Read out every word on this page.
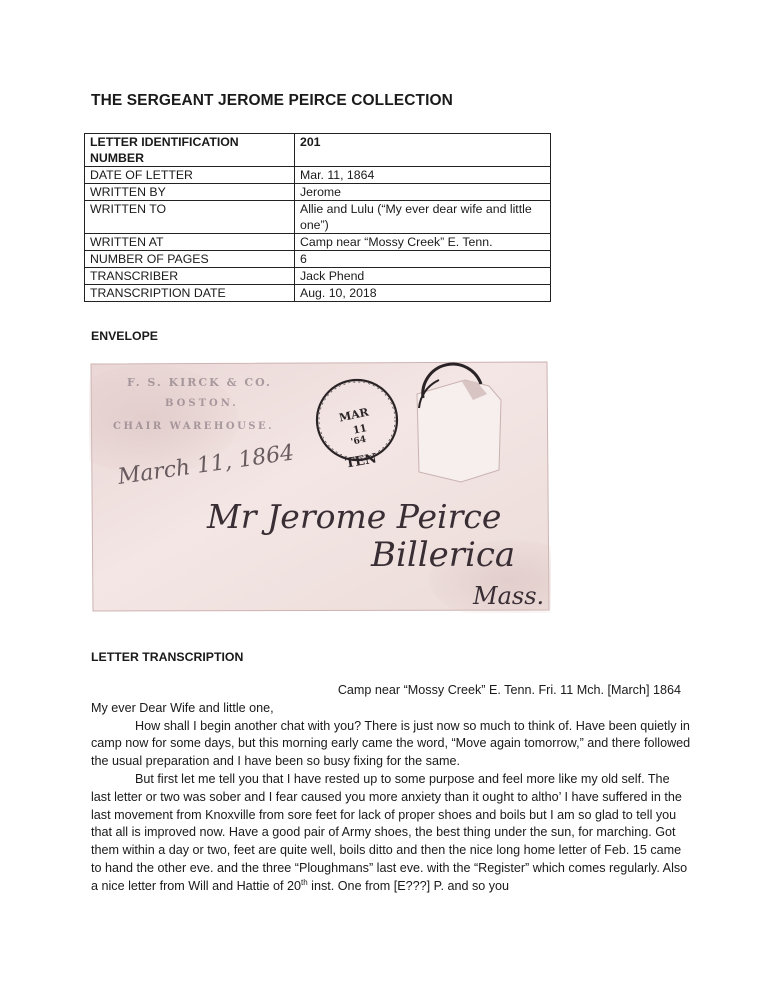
THE SERGEANT JEROME PEIRCE COLLECTION
LETTER IDENTIFICATION NUMBER	201
DATE OF LETTER	Mar. 11, 1864
WRITTEN BY	Jerome
WRITTEN TO	Allie and Lulu (“My ever dear wife and little one”)
WRITTEN AT	Camp near “Mossy Creek” E. Tenn.
NUMBER OF PAGES	6
TRANSCRIBER	Jack Phend
TRANSCRIPTION DATE	Aug. 10, 2018
ENVELOPE
F. S. KIRCK & CO.
BOSTON.
CHAIR WAREHOUSE.
MAR
11
'64
TEN
March 11, 1864
Mr Jerome Peirce
Billerica
Mass.
LETTER TRANSCRIPTION
Camp near “Mossy Creek” E. Tenn. Fri. 11 Mch. [March] 1864

My ever Dear Wife and little one,

How shall I begin another chat with you? There is just now so much to think of. Have been quietly in camp now for some days, but this morning early came the word, “Move again tomorrow,” and there followed the usual preparation and I have been so busy fixing for the same.

But first let me tell you that I have rested up to some purpose and feel more like my old self. The last letter or two was sober and I fear caused you more anxiety than it ought to altho’ I have suffered in the last movement from Knoxville from sore feet for lack of proper shoes and boils but I am so glad to tell you that all is improved now. Have a good pair of Army shoes, the best thing under the sun, for marching. Got them within a day or two, feet are quite well, boils ditto and then the nice long home letter of Feb. 15 came to hand the other eve. and the three “Ploughmans” last eve. with the “Register” which comes regularly. Also a nice letter from Will and Hattie of 20th inst. One from [E???] P. and so you
